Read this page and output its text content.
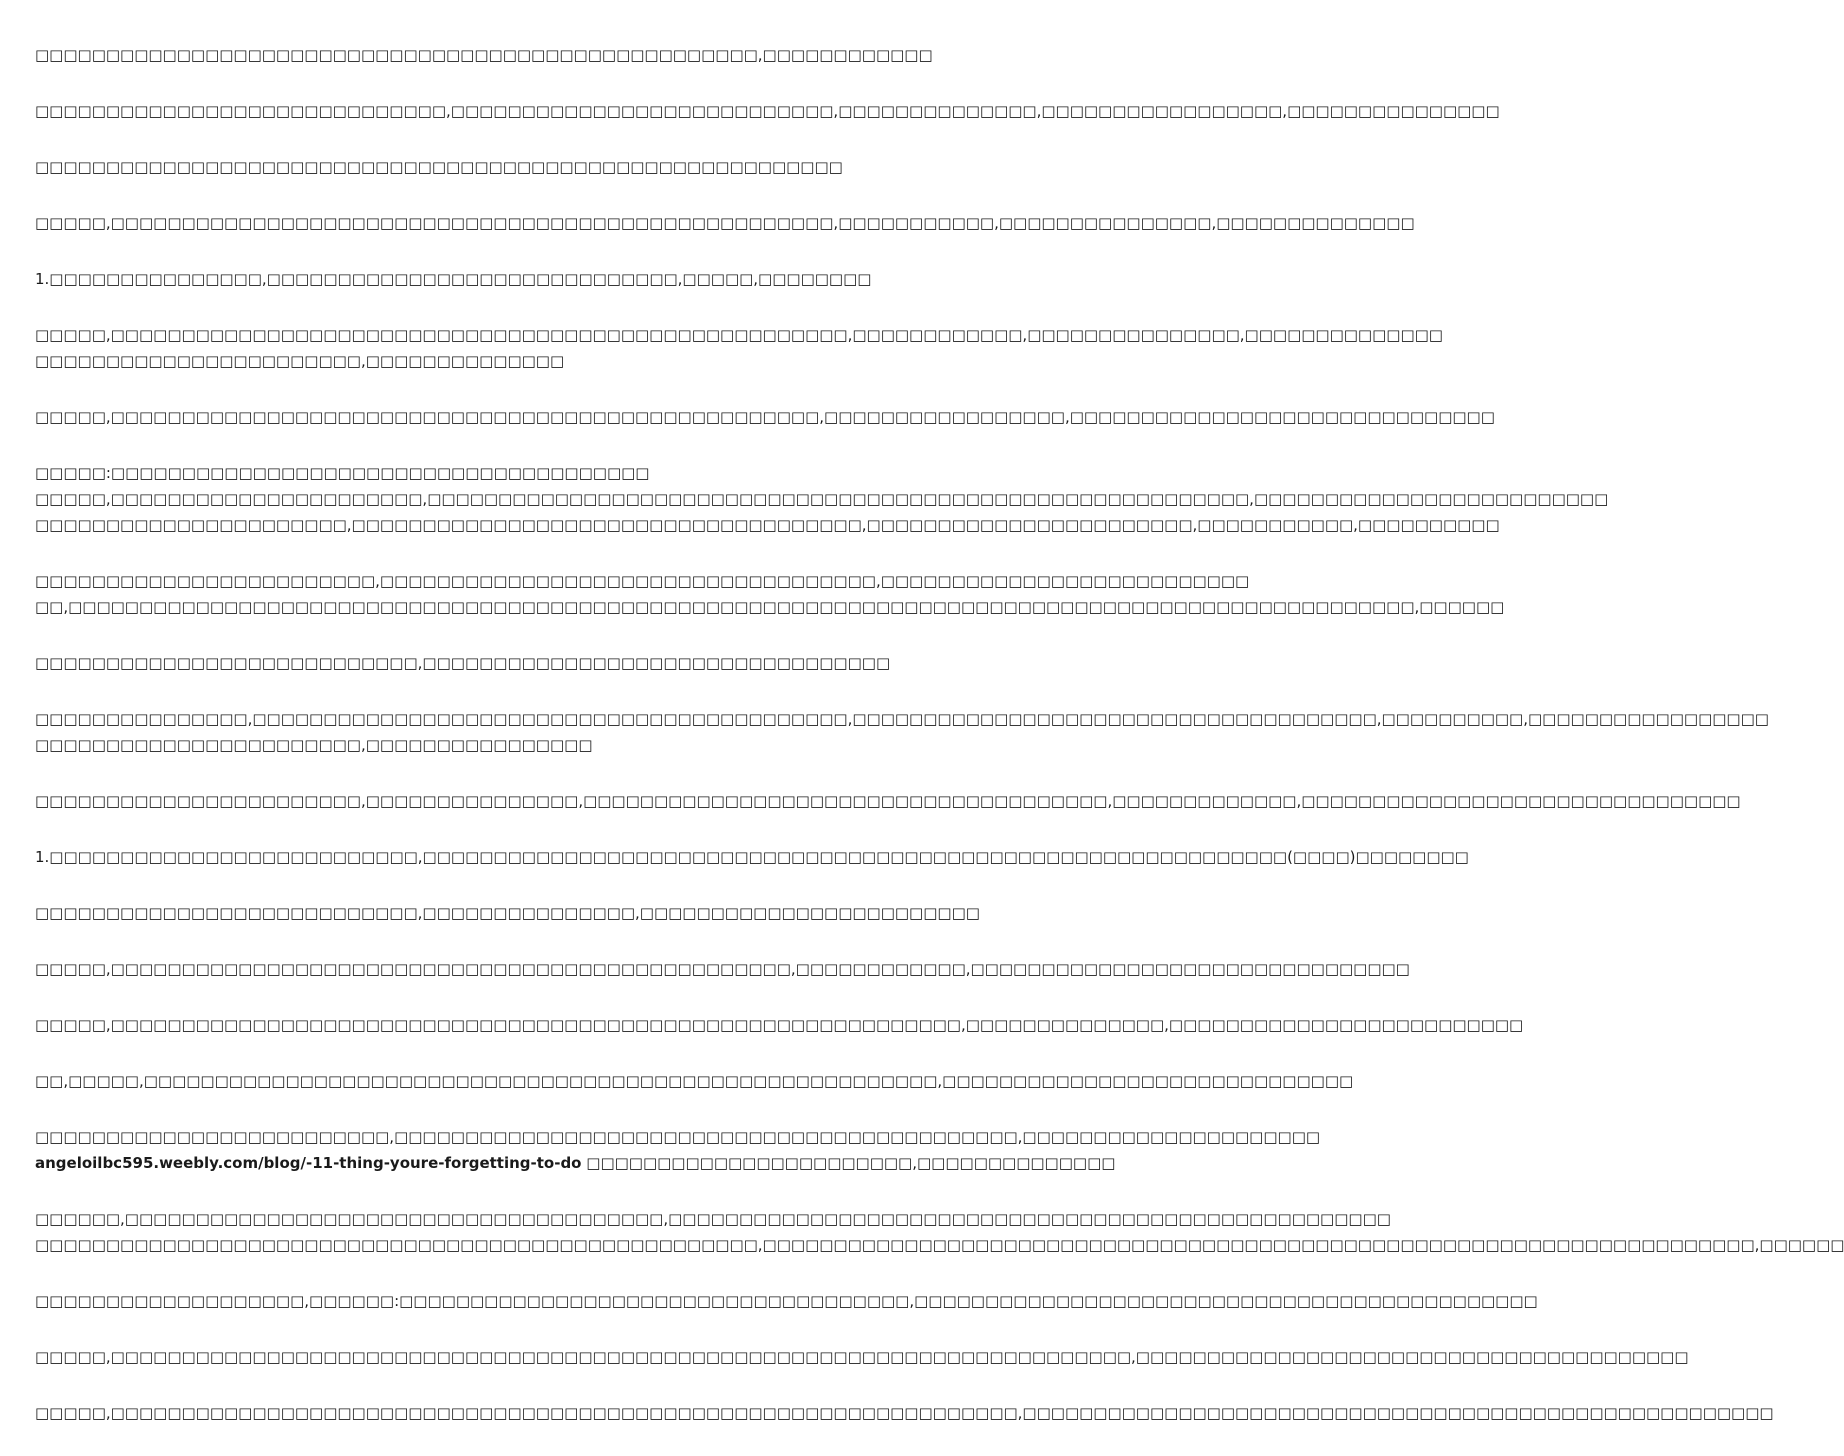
□□□□□□□□□□□□□□□□□□□□□□□□□□□□□□□□□□□□□□□□□□□□□□□□□□□,□□□□□□□□□□□□
□□□□□□□□□□□□□□□□□□□□□□□□□□□□□,□□□□□□□□□□□□□□□□□□□□□□□□□□□,□□□□□□□□□□□□□□,□□□□□□□□□□□□□□□□□,□□□□□□□□□□□□□□□
□□□□□□□□□□□□□□□□□□□□□□□□□□□□□□□□□□□□□□□□□□□□□□□□□□□□□□□□□
□□□□□,□□□□□□□□□□□□□□□□□□□□□□□□□□□□□□□□□□□□□□□□□□□□□□□□□□□,□□□□□□□□□□□,□□□□□□□□□□□□□□□,□□□□□□□□□□□□□□
1.□□□□□□□□□□□□□□□,□□□□□□□□□□□□□□□□□□□□□□□□□□□□□,□□□□□,□□□□□□□□
□□□□□,□□□□□□□□□□□□□□□□□□□□□□□□□□□□□□□□□□□□□□□□□□□□□□□□□□□□,□□□□□□□□□□□□,□□□□□□□□□□□□□□□,□□□□□□□□□□□□□□
□□□□□□□□□□□□□□□□□□□□□□□,□□□□□□□□□□□□□□
□□□□□,□□□□□□□□□□□□□□□□□□□□□□□□□□□□□□□□□□□□□□□□□□□□□□□□□□,□□□□□□□□□□□□□□□□□,□□□□□□□□□□□□□□□□□□□□□□□□□□□□□□
□□□□□:□□□□□□□□□□□□□□□□□□□□□□□□□□□□□□□□□□□□□□
□□□□□,□□□□□□□□□□□□□□□□□□□□□□,□□□□□□□□□□□□□□□□□□□□□□□□□□□□□□□□□□□□□□□□□□□□□□□□□□□□□□□□□□,□□□□□□□□□□□□□□□□□□□□□□□□□
□□□□□□□□□□□□□□□□□□□□□□,□□□□□□□□□□□□□□□□□□□□□□□□□□□□□□□□□□□□,□□□□□□□□□□□□□□□□□□□□□□□,□□□□□□□□□□□,□□□□□□□□□□
□□□□□□□□□□□□□□□□□□□□□□□□,□□□□□□□□□□□□□□□□□□□□□□□□□□□□□□□□□□□,□□□□□□□□□□□□□□□□□□□□□□□□□□
□□,□□□□□□□□□□□□□□□□□□□□□□□□□□□□□□□□□□□□□□□□□□□□□□□□□□□□□□□□□□□□□□□□□□□□□□□□□□□□□□□□□□□□□□□□□□□□□□□,□□□□□□
□□□□□□□□□□□□□□□□□□□□□□□□□□□,□□□□□□□□□□□□□□□□□□□□□□□□□□□□□□□□□
□□□□□□□□□□□□□□□,□□□□□□□□□□□□□□□□□□□□□□□□□□□□□□□□□□□□□□□□□□,□□□□□□□□□□□□□□□□□□□□□□□□□□□□□□□□□□□□□,□□□□□□□□□□,□□□□□□□□□□□□□□□□□
□□□□□□□□□□□□□□□□□□□□□□□,□□□□□□□□□□□□□□□□
□□□□□□□□□□□□□□□□□□□□□□□,□□□□□□□□□□□□□□□,□□□□□□□□□□□□□□□□□□□□□□□□□□□□□□□□□□□□□,□□□□□□□□□□□□□,□□□□□□□□□□□□□□□□□□□□□□□□□□□□□□□
1.□□□□□□□□□□□□□□□□□□□□□□□□□□,□□□□□□□□□□□□□□□□□□□□□□□□□□□□□□□□□□□□□□□□□□□□□□□□□□□□□□□□□□□□□(□□□□)□□□□□□□□
□□□□□□□□□□□□□□□□□□□□□□□□□□□,□□□□□□□□□□□□□□□,□□□□□□□□□□□□□□□□□□□□□□□□
□□□□□,□□□□□□□□□□□□□□□□□□□□□□□□□□□□□□□□□□□□□□□□□□□□□□□□,□□□□□□□□□□□□,□□□□□□□□□□□□□□□□□□□□□□□□□□□□□□□
□□□□□,□□□□□□□□□□□□□□□□□□□□□□□□□□□□□□□□□□□□□□□□□□□□□□□□□□□□□□□□□□□□,□□□□□□□□□□□□□□,□□□□□□□□□□□□□□□□□□□□□□□□□
□□,□□□□□,□□□□□□□□□□□□□□□□□□□□□□□□□□□□□□□□□□□□□□□□□□□□□□□□□□□□□□□□,□□□□□□□□□□□□□□□□□□□□□□□□□□□□□
□□□□□□□□□□□□□□□□□□□□□□□□□,□□□□□□□□□□□□□□□□□□□□□□□□□□□□□□□□□□□□□□□□□□□□,□□□□□□□□□□□□□□□□□□□□□
angeloilbc595.weebly.com/blog/-11-thing-youre-forgetting-to-do □□□□□□□□□□□□□□□□□□□□□□□,□□□□□□□□□□□□□□
□□□□□□,□□□□□□□□□□□□□□□□□□□□□□□□□□□□□□□□□□□□□□,□□□□□□□□□□□□□□□□□□□□□□□□□□□□□□□□□□□□□□□□□□□□□□□□□□□
□□□□□□□□□□□□□□□□□□□□□□□□□□□□□□□□□□□□□□□□□□□□□□□□□□□,□□□□□□□□□□□□□□□□□□□□□□□□□□□□□□□□□□□□□□□□□□□□□□□□□□□□□□□□□□□□□□□□□□□□□□,□□□□□□
□□□□□□□□□□□□□□□□□□□,□□□□□□:□□□□□□□□□□□□□□□□□□□□□□□□□□□□□□□□□□□□,□□□□□□□□□□□□□□□□□□□□□□□□□□□□□□□□□□□□□□□□□□□□
□□□□□,□□□□□□□□□□□□□□□□□□□□□□□□□□□□□□□□□□□□□□□□□□□□□□□□□□□□□□□□□□□□□□□□□□□□□□□□,□□□□□□□□□□□□□□□□□□□□□□□□□□□□□□□□□□□□□□□
□□□□□,□□□□□□□□□□□□□□□□□□□□□□□□□□□□□□□□□□□□□□□□□□□□□□□□□□□□□□□□□□□□□□□□,□□□□□□□□□□□□□□□□□□□□□□□□□□□□□□□□□□□□□□□□□□□□□□□□□□□□□
